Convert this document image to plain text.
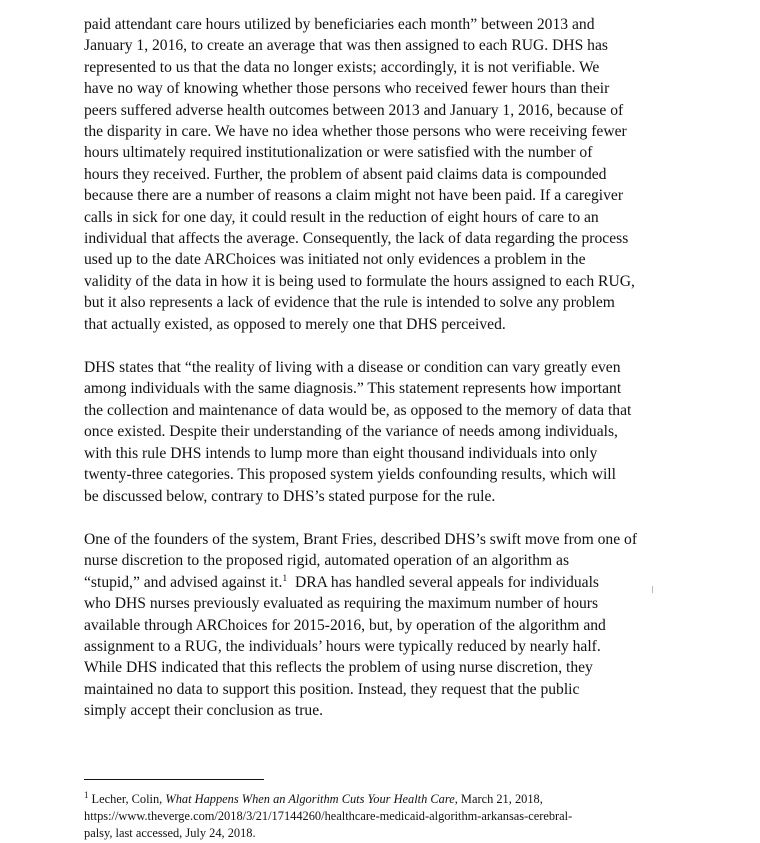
paid attendant care hours utilized by beneficiaries each month” between 2013 and

January 1, 2016, to create an average that was then assigned to each RUG. DHS has

represented to us that the data no longer exists; accordingly, it is not verifiable. We

have no way of knowing whether those persons who received fewer hours than their

peers suffered adverse health outcomes between 2013 and January 1, 2016, because of

the disparity in care. We have no idea whether those persons who were receiving fewer

hours ultimately required institutionalization or were satisfied with the number of

hours they received. Further, the problem of absent paid claims data is compounded

because there are a number of reasons a claim might not have been paid. If a caregiver

calls in sick for one day, it could result in the reduction of eight hours of care to an

individual that affects the average. Consequently, the lack of data regarding the process

used up to the date ARChoices was initiated not only evidences a problem in the

validity of the data in how it is being used to formulate the hours assigned to each RUG,

but it also represents a lack of evidence that the rule is intended to solve any problem

that actually existed, as opposed to merely one that DHS perceived.

DHS states that “the reality of living with a disease or condition can vary greatly even

among individuals with the same diagnosis.” This statement represents how important

the collection and maintenance of data would be, as opposed to the memory of data that

once existed. Despite their understanding of the variance of needs among individuals,

with this rule DHS intends to lump more than eight thousand individuals into only

twenty-three categories. This proposed system yields confounding results, which will

be discussed below, contrary to DHS’s stated purpose for the rule.

One of the founders of the system, Brant Fries, described DHS’s swift move from one of

nurse discretion to the proposed rigid, automated operation of an algorithm as

“stupid,” and advised against it.$^1$  DRA has handled several appeals for individuals

who DHS nurses previously evaluated as requiring the maximum number of hours

available through ARChoices for 2015-2016, but, by operation of the algorithm and

assignment to a RUG, the individuals’ hours were typically reduced by nearly half.

While DHS indicated that this reflects the problem of using nurse discretion, they

maintained no data to support this position. Instead, they request that the public

simply accept their conclusion as true.

$^1$ Lecher, Colin, What Happens When an Algorithm Cuts Your Health Care, March 21, 2018,

https://www.theverge.com/2018/3/21/17144260/healthcare-medicaid-algorithm-arkansas-cerebral-

palsy, last accessed, July 24, 2018.
